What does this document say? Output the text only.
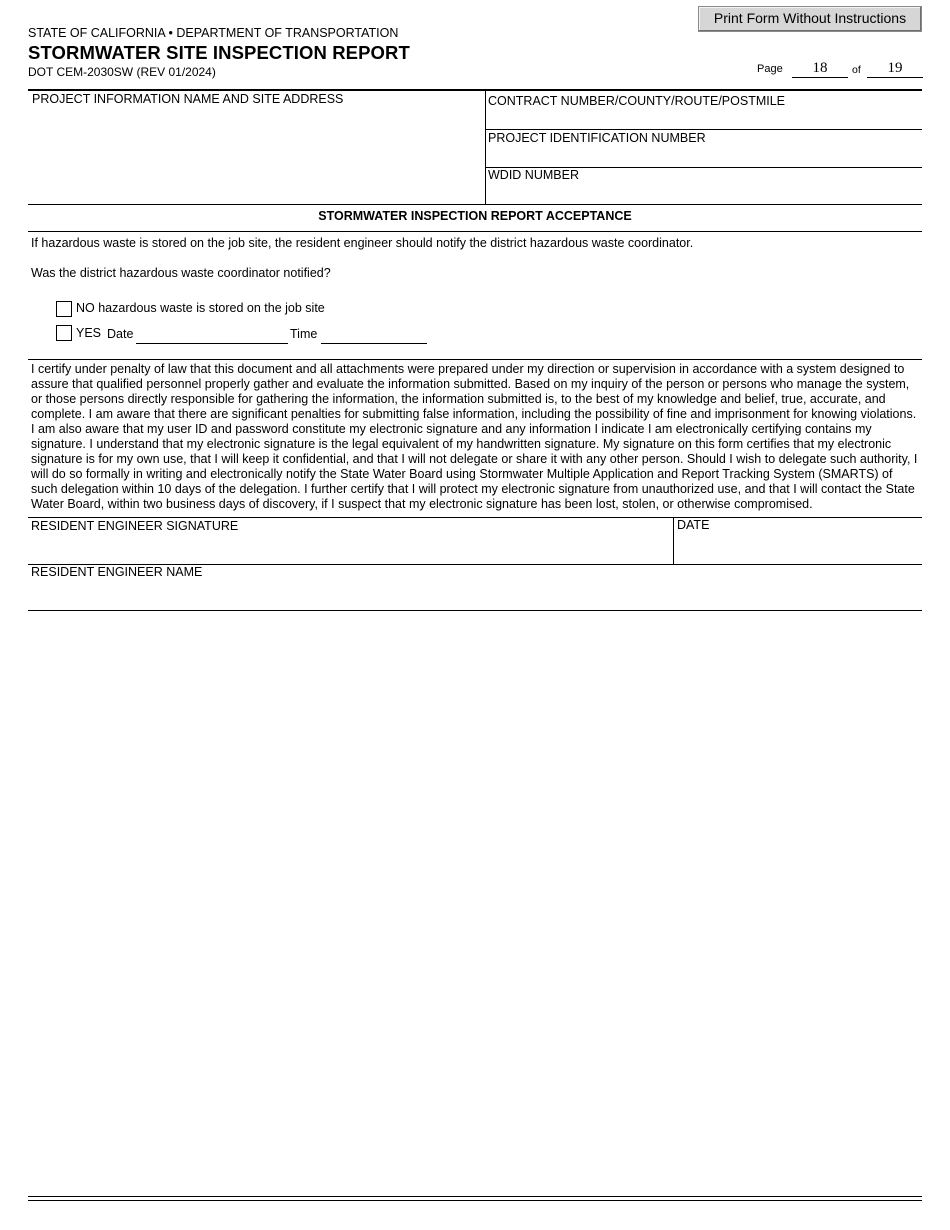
Print Form Without Instructions
STATE OF CALIFORNIA • DEPARTMENT OF TRANSPORTATION
STORMWATER SITE INSPECTION REPORT
DOT CEM-2030SW (REV 01/2024)	Page	18	of	19
PROJECT INFORMATION NAME AND SITE ADDRESS	CONTRACT NUMBER/COUNTY/ROUTE/POSTMILE
PROJECT IDENTIFICATION NUMBER
WDID NUMBER
STORMWATER INSPECTION REPORT ACCEPTANCE
If hazardous waste is stored on the job site, the resident engineer should notify the district hazardous waste coordinator.
Was the district hazardous waste coordinator notified?
NO hazardous waste is stored on the job site
YES Date	Time
I certify under penalty of law that this document and all attachments were prepared under my direction or supervision in accordance with a system designed to assure that qualified personnel properly gather and evaluate the information submitted. Based on my inquiry of the person or persons who manage the system, or those persons directly responsible for gathering the information, the information submitted is, to the best of my knowledge and belief, true, accurate, and complete. I am aware that there are significant penalties for submitting false information, including the possibility of fine and imprisonment for knowing violations. I am also aware that my user ID and password constitute my electronic signature and any information I indicate I am electronically certifying contains my signature. I understand that my electronic signature is the legal equivalent of my handwritten signature. My signature on this form certifies that my electronic signature is for my own use, that I will keep it confidential, and that I will not delegate or share it with any other person. Should I wish to delegate such authority, I will do so formally in writing and electronically notify the State Water Board using Stormwater Multiple Application and Report Tracking System (SMARTS) of such delegation within 10 days of the delegation. I further certify that I will protect my electronic signature from unauthorized use, and that I will contact the State Water Board, within two business days of discovery, if I suspect that my electronic signature has been lost, stolen, or otherwise compromised.
RESIDENT ENGINEER SIGNATURE	DATE
RESIDENT ENGINEER NAME
